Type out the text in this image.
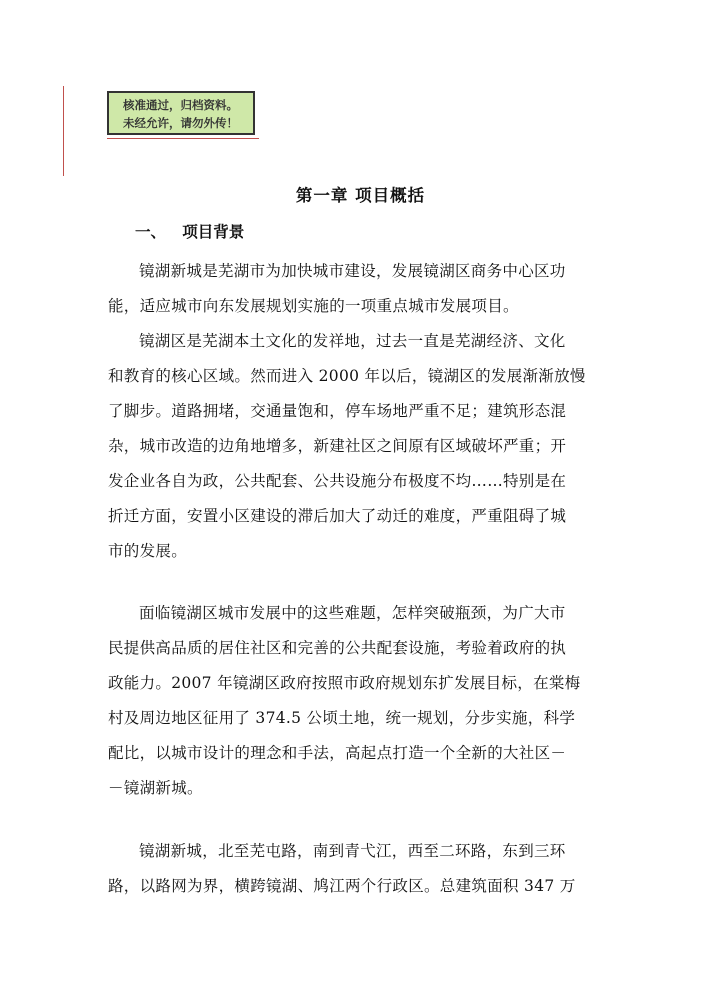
核准通过，归档资料。
未经允许，请勿外传！
第一章 项目概括
一、   项目背景
镜湖新城是芜湖市为加快城市建设，发展镜湖区商务中心区功
能，适应城市向东发展规划实施的一项重点城市发展项目。
镜湖区是芜湖本土文化的发祥地，过去一直是芜湖经济、文化
和教育的核心区域。然而进入 2000 年以后，镜湖区的发展渐渐放慢
了脚步。道路拥堵，交通量饱和，停车场地严重不足；建筑形态混
杂，城市改造的边角地增多，新建社区之间原有区域破坏严重；开
发企业各自为政，公共配套、公共设施分布极度不均……特别是在
折迁方面，安置小区建设的滞后加大了动迁的难度，严重阻碍了城
市的发展。
面临镜湖区城市发展中的这些难题，怎样突破瓶颈，为广大市
民提供高品质的居住社区和完善的公共配套设施，考验着政府的执
政能力。2007 年镜湖区政府按照市政府规划东扩发展目标，在棠梅
村及周边地区征用了 374.5 公顷土地，统一规划，分步实施，科学
配比，以城市设计的理念和手法，高起点打造一个全新的大社区－
－镜湖新城。
镜湖新城，北至芜屯路，南到青弋江，西至二环路，东到三环
路，以路网为界，横跨镜湖、鸠江两个行政区。总建筑面积 347 万
